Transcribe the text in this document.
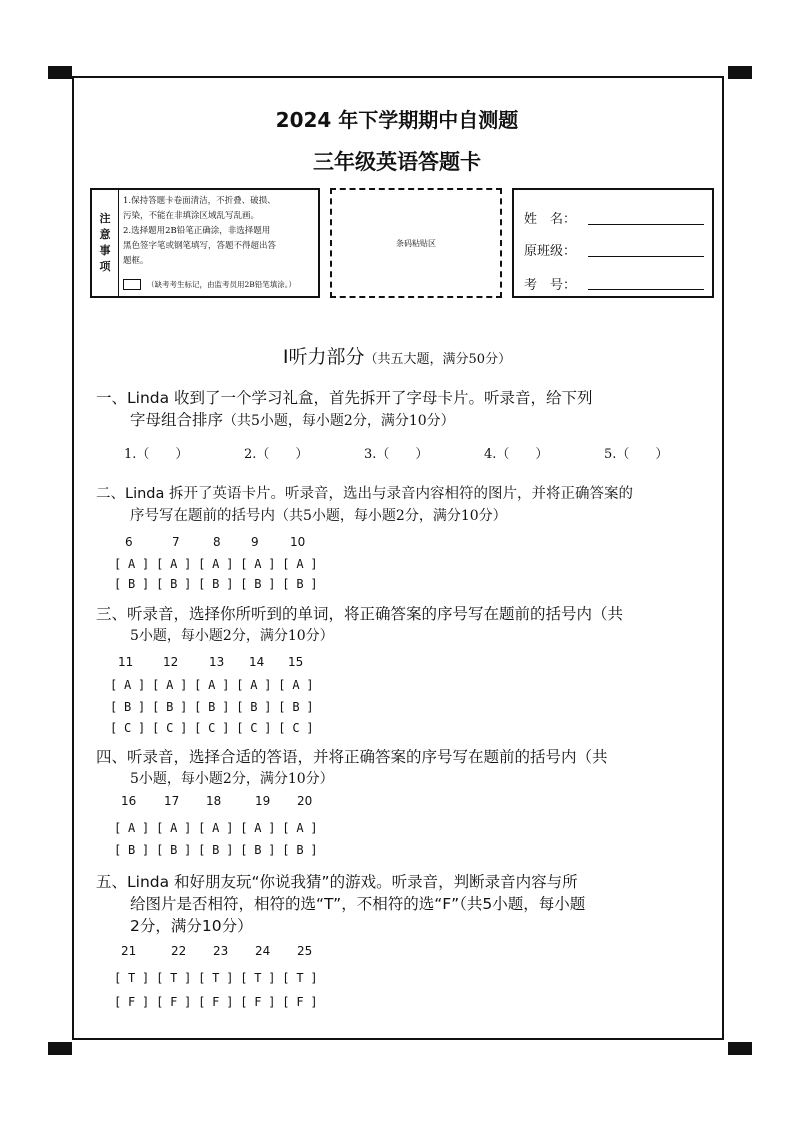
2024 年下学期期中自测题
三年级英语答题卡
注
意
事
项
1.保持答题卡卷面清洁，不折叠、破损、
污染，不能在非填涂区域乱写乱画。
2.选择题用2B铅笔正确涂，非选择题用
黑色签字笔或钢笔填写，答题不得超出答
题框。
（缺考考生标记，由监考员用2B铅笔填涂。）
条码粘贴区
姓　名：
原班级：
考　号：
Ⅰ听力部分（共五大题，满分50分）
一、Linda 收到了一个学习礼盒，首先拆开了字母卡片。听录音，给下列
字母组合排序（共5小题，每小题2分，满分10分）
1.（　　）	2.（　　）	3.（　　）	4.（　　）	5.（　　）
二、Linda 拆开了英语卡片。听录音，选出与录音内容相符的图片，并将正确答案的
序号写在题前的括号内（共5小题，每小题2分，满分10分）
6	7	8	9	10
[A][A][A][A][A]
[B][B][B][B][B]
三、听录音，选择你所听到的单词，将正确答案的序号写在题前的括号内（共
5小题，每小题2分，满分10分）
11 12	13 14 15
[A][A][A][A][A]
[B][B][B][B][B]
[C][C][C][C][C]
四、听录音，选择合适的答语，并将正确答案的序号写在题前的括号内（共
5小题，每小题2分，满分10分）
16 17 18	19 20
[A][A][A][A][A]
[B][B][B][B][B]
五、Linda 和好朋友玩“你说我猜”的游戏。听录音，判断录音内容与所
给图片是否相符，相符的选“T”，不相符的选“F”（共5小题，每小题
2分，满分10分）
21	22 23 24 25
[T][T][T][T][T]
[F][F][F][F][F]
